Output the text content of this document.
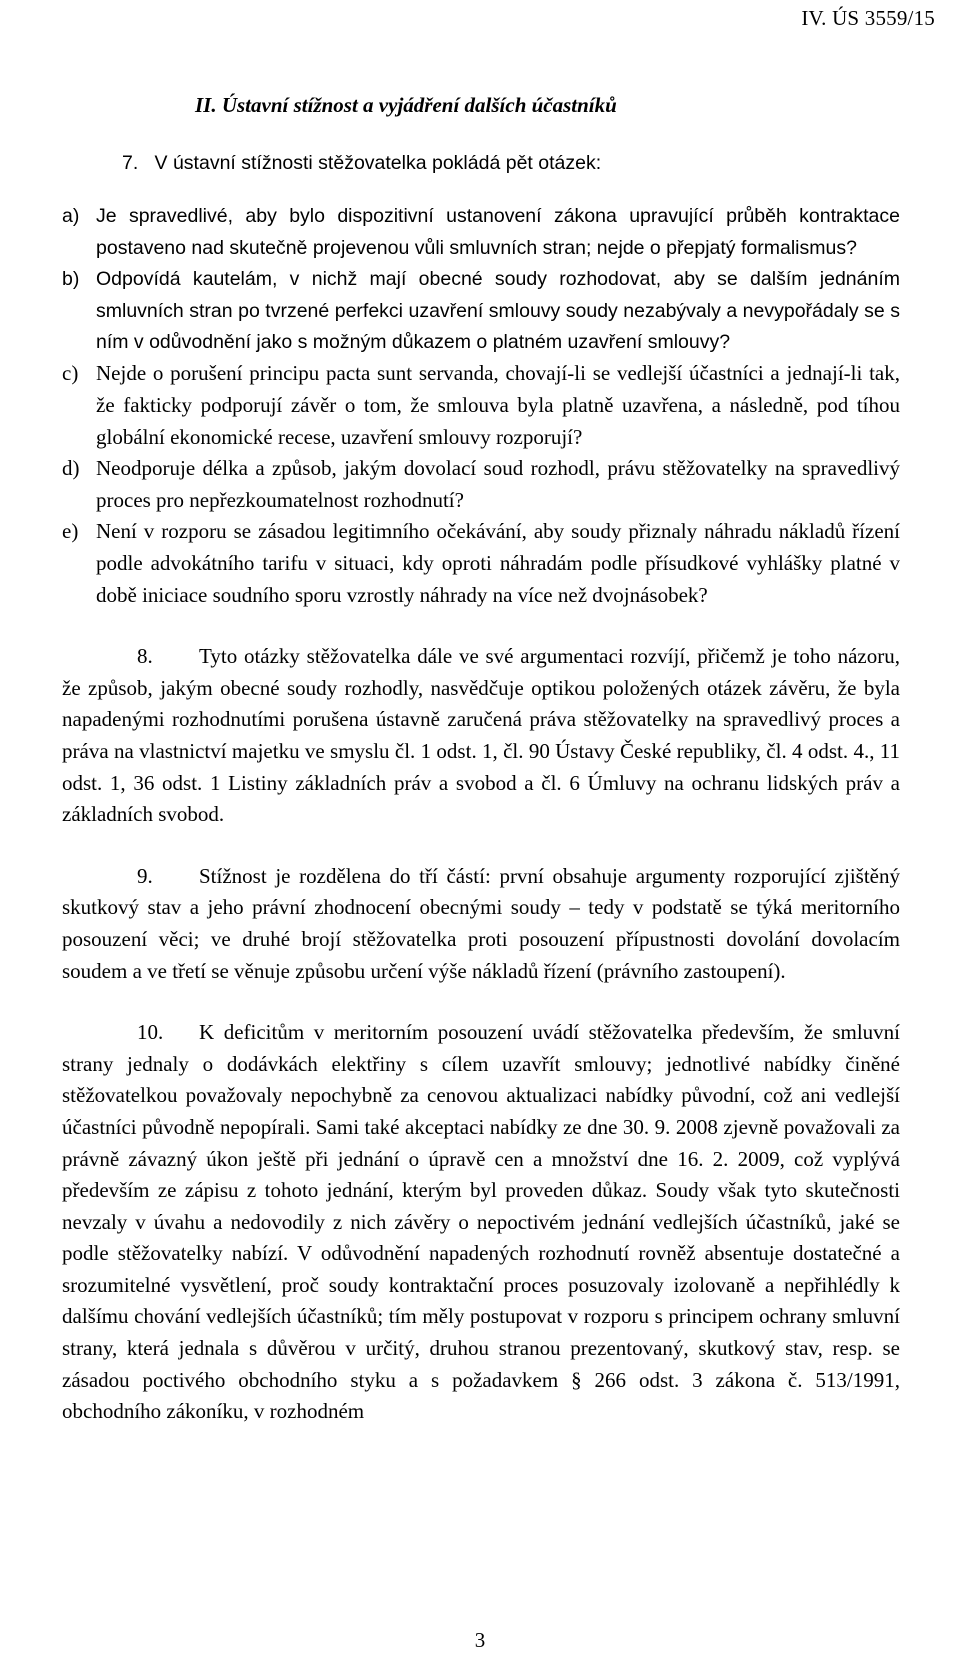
IV. ÚS 3559/15
II. Ústavní stížnost a vyjádření dalších účastníků

7. V ústavní stížnosti stěžovatelka pokládá pět otázek:

a) Je spravedlivé, aby bylo dispozitivní ustanovení zákona upravující průběh kontraktace postaveno nad skutečně projevenou vůli smluvních stran; nejde o přepjatý formalismus?
b) Odpovídá kautelám, v nichž mají obecné soudy rozhodovat, aby se dalším jednáním smluvních stran po tvrzené perfekci uzavření smlouvy soudy nezabývaly a nevypořádaly se s ním v odůvodnění jako s možným důkazem o platném uzavření smlouvy?
c) Nejde o porušení principu pacta sunt servanda, chovají-li se vedlejší účastníci a jednají-li tak, že fakticky podporují závěr o tom, že smlouva byla platně uzavřena, a následně, pod tíhou globální ekonomické recese, uzavření smlouvy rozporují?
d) Neodporuje délka a způsob, jakým dovolací soud rozhodl, právu stěžovatelky na spravedlivý proces pro nepřezkoumatelnost rozhodnutí?
e) Není v rozporu se zásadou legitimního očekávání, aby soudy přiznaly náhradu nákladů řízení podle advokátního tarifu v situaci, kdy oproti náhradám podle přísudkové vyhlášky platné v době iniciace soudního sporu vzrostly náhrady na více než dvojnásobek?

8. Tyto otázky stěžovatelka dále ve své argumentaci rozvíjí, přičemž je toho názoru, že způsob, jakým obecné soudy rozhodly, nasvědčuje optikou položených otázek závěru, že byla napadenými rozhodnutími porušena ústavně zaručená práva stěžovatelky na spravedlivý proces a práva na vlastnictví majetku ve smyslu čl. 1 odst. 1, čl. 90 Ústavy České republiky, čl. 4 odst. 4., 11 odst. 1, 36 odst. 1 Listiny základních práv a svobod a čl. 6 Úmluvy na ochranu lidských práv a základních svobod.

9. Stížnost je rozdělena do tří částí: první obsahuje argumenty rozporující zjištěný skutkový stav a jeho právní zhodnocení obecnými soudy – tedy v podstatě se týká meritorního posouzení věci; ve druhé brojí stěžovatelka proti posouzení přípustnosti dovolání dovolacím soudem a ve třetí se věnuje způsobu určení výše nákladů řízení (právního zastoupení).

10. K deficitům v meritorním posouzení uvádí stěžovatelka především, že smluvní strany jednaly o dodávkách elektřiny s cílem uzavřít smlouvy; jednotlivé nabídky činěné stěžovatelkou považovaly nepochybně za cenovou aktualizaci nabídky původní, což ani vedlejší účastníci původně nepopírali. Sami také akceptaci nabídky ze dne 30. 9. 2008 zjevně považovali za právně závazný úkon ještě při jednání o úpravě cen a množství dne 16. 2. 2009, což vyplývá především ze zápisu z tohoto jednání, kterým byl proveden důkaz. Soudy však tyto skutečnosti nevzaly v úvahu a nedovodily z nich závěry o nepoctivém jednání vedlejších účastníků, jaké se podle stěžovatelky nabízí. V odůvodnění napadených rozhodnutí rovněž absentuje dostatečné a srozumitelné vysvětlení, proč soudy kontraktační proces posuzovaly izolovaně a nepřihlédly k dalšímu chování vedlejších účastníků; tím měly postupovat v rozporu s principem ochrany smluvní strany, která jednala s důvěrou v určitý, druhou stranou prezentovaný, skutkový stav, resp. se zásadou poctivého obchodního styku a s požadavkem § 266 odst. 3 zákona č. 513/1991, obchodního zákoníku, v rozhodném

3
